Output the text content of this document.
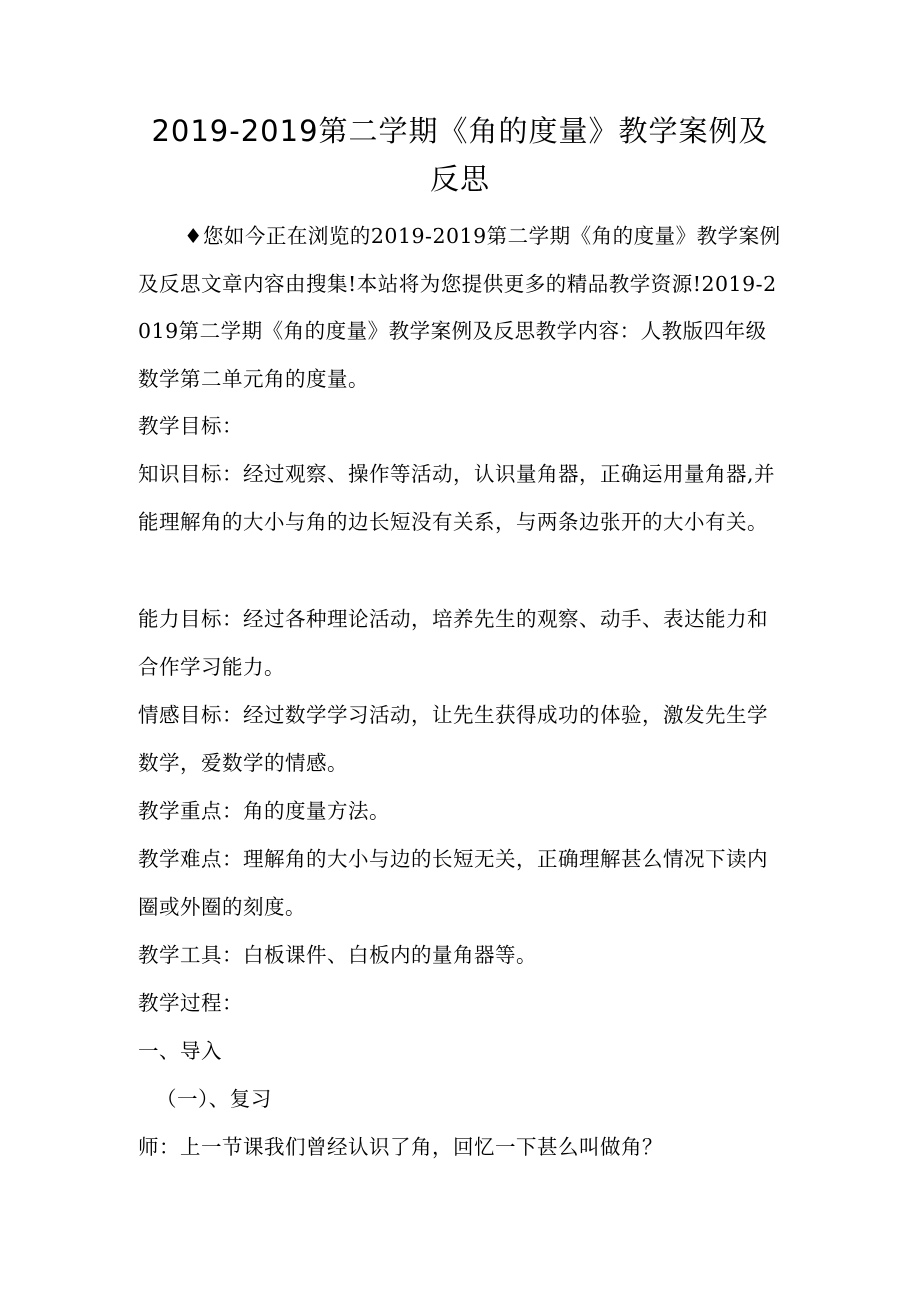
2019-2019第二学期《角的度量》教学案例及反思

♦您如今正在浏览的2019-2019第二学期《角的度量》教学案例及反思文章内容由搜集!本站将为您提供更多的精品教学资源!2019-2019第二学期《角的度量》教学案例及反思教学内容：人教版四年级数学第二单元角的度量。

教学目标：

知识目标：经过观察、操作等活动，认识量角器，正确运用量角器,并能理解角的大小与角的边长短没有关系，与两条边张开的大小有关。

能力目标：经过各种理论活动，培养先生的观察、动手、表达能力和合作学习能力。

情感目标：经过数学学习活动，让先生获得成功的体验，激发先生学数学，爱数学的情感。

教学重点：角的度量方法。

教学难点：理解角的大小与边的长短无关，正确理解甚么情况下读内圈或外圈的刻度。

教学工具：白板课件、白板内的量角器等。

教学过程：

一、导入

（一）、复习

师：上一节课我们曾经认识了角，回忆一下甚么叫做角？
